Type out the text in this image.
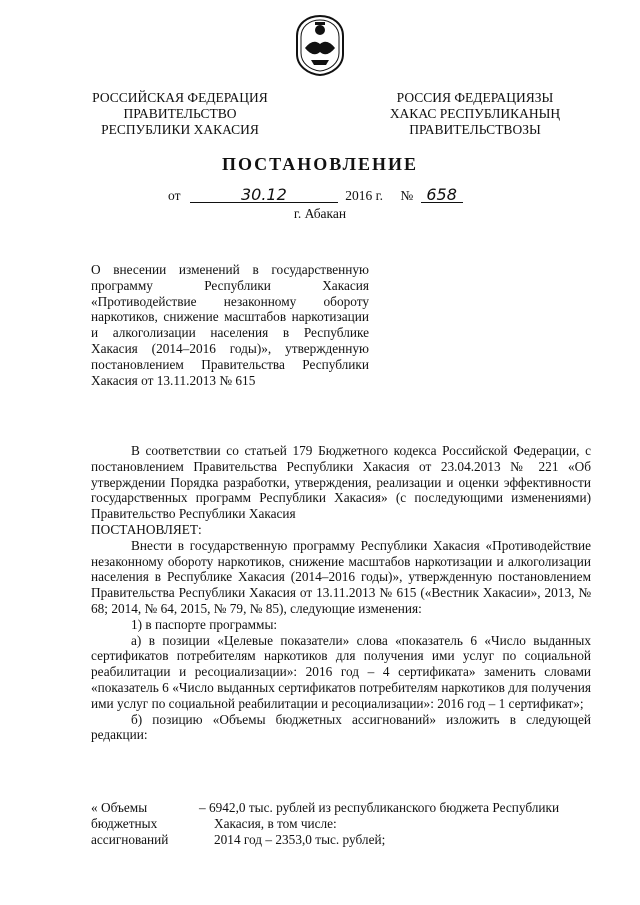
РОССИЙСКАЯ ФЕДЕРАЦИЯ
ПРАВИТЕЛЬСТВО
РЕСПУБЛИКИ ХАКАСИЯ
РОССИЯ ФЕДЕРАЦИЯЗЫ
ХАКАС РЕСПУБЛИКАНЫҢ
ПРАВИТЕЛЬСТВОЗЫ
ПОСТАНОВЛЕНИЕ
от	30.12	2016 г. № 658
г. Абакан
О внесении изменений в государственную программу Республики Хакасия «Противодействие незаконному обороту наркотиков, снижение масштабов наркотизации и алкоголизации населения в Республике Хакасия (2014–2016 годы)», утвержденную постановлением Правительства Республики Хакасия от 13.11.2013 № 615

В соответствии со статьей 179 Бюджетного кодекса Российской Федерации, с постановлением Правительства Республики Хакасия от 23.04.2013 № 221 «Об утверждении Порядка разработки, утверждения, реализации и оценки эффективности государственных программ Республики Хакасия» (с последующими изменениями) Правительство Республики Хакасия

ПОСТАНОВЛЯЕТ:

Внести в государственную программу Республики Хакасия «Противодействие незаконному обороту наркотиков, снижение масштабов наркотизации и алкоголизации населения в Республике Хакасия (2014–2016 годы)», утвержденную постановлением Правительства Республики Хакасия от 13.11.2013 № 615 («Вестник Хакасии», 2013, № 68; 2014, № 64, 2015, № 79, № 85), следующие изменения:

1) в паспорте программы:

а) в позиции «Целевые показатели» слова «показатель 6 «Число выданных сертификатов потребителям наркотиков для получения ими услуг по социальной реабилитации и ресоциализации»: 2016 год – 4 сертификата» заменить словами «показатель 6 «Число выданных сертификатов потребителям наркотиков для получения ими услуг по социальной реабилитации и ресоциализации»: 2016 год – 1 сертификат»;

б) позицию «Объемы бюджетных ассигнований» изложить в следующей редакции:

« Объемы
бюджетных
ассигнований
– 6942,0 тыс. рублей из республиканского бюджета Республики
Хакасия, в том числе:
2014 год – 2353,0 тыс. рублей;
